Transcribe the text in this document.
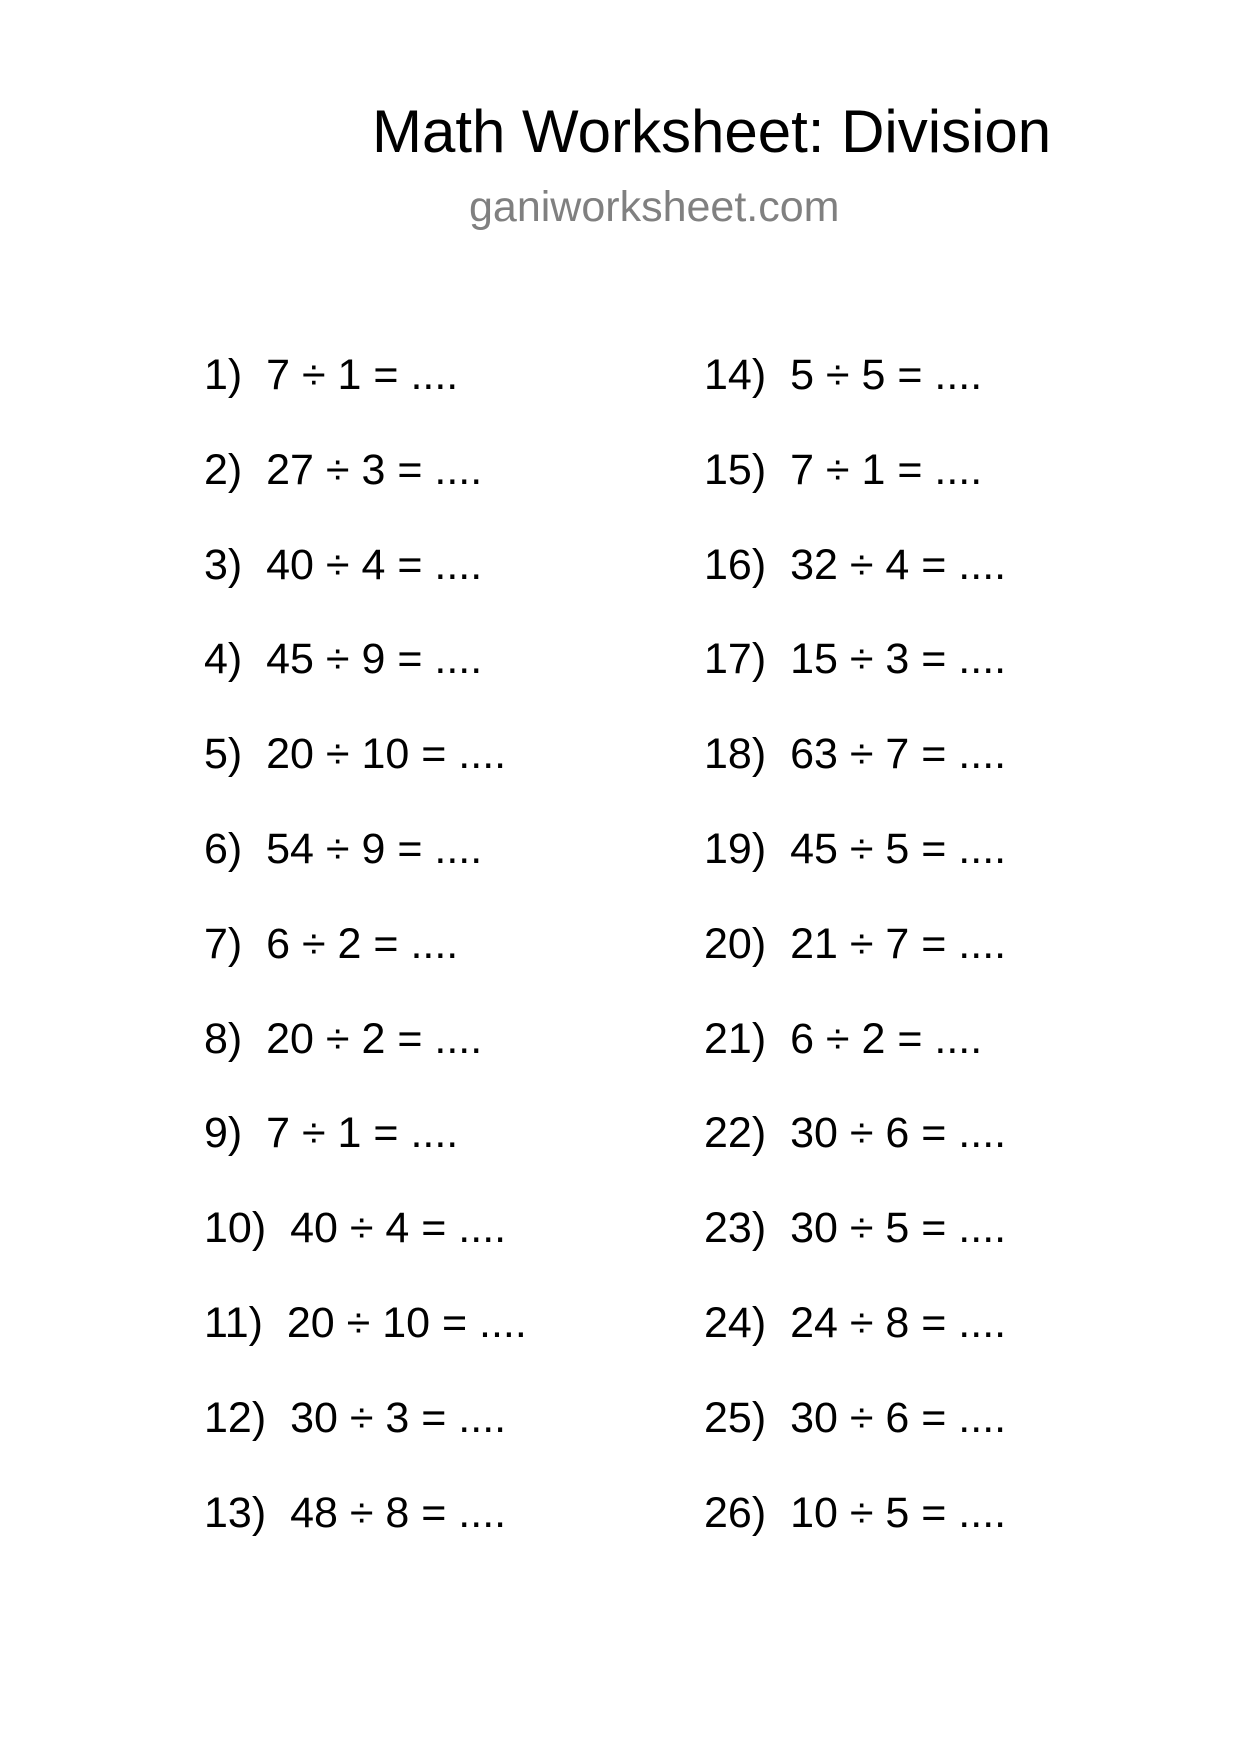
Math Worksheet: Division
ganiworksheet.com
1) 7 ÷ 1 = ....
2) 27 ÷ 3 = ....
3) 40 ÷ 4 = ....
4) 45 ÷ 9 = ....
5) 20 ÷ 10 = ....
6) 54 ÷ 9 = ....
7) 6 ÷ 2 = ....
8) 20 ÷ 2 = ....
9) 7 ÷ 1 = ....
10) 40 ÷ 4 = ....
11) 20 ÷ 10 = ....
12) 30 ÷ 3 = ....
13) 48 ÷ 8 = ....
14) 5 ÷ 5 = ....
15) 7 ÷ 1 = ....
16) 32 ÷ 4 = ....
17) 15 ÷ 3 = ....
18) 63 ÷ 7 = ....
19) 45 ÷ 5 = ....
20) 21 ÷ 7 = ....
21) 6 ÷ 2 = ....
22) 30 ÷ 6 = ....
23) 30 ÷ 5 = ....
24) 24 ÷ 8 = ....
25) 30 ÷ 6 = ....
26) 10 ÷ 5 = ....
